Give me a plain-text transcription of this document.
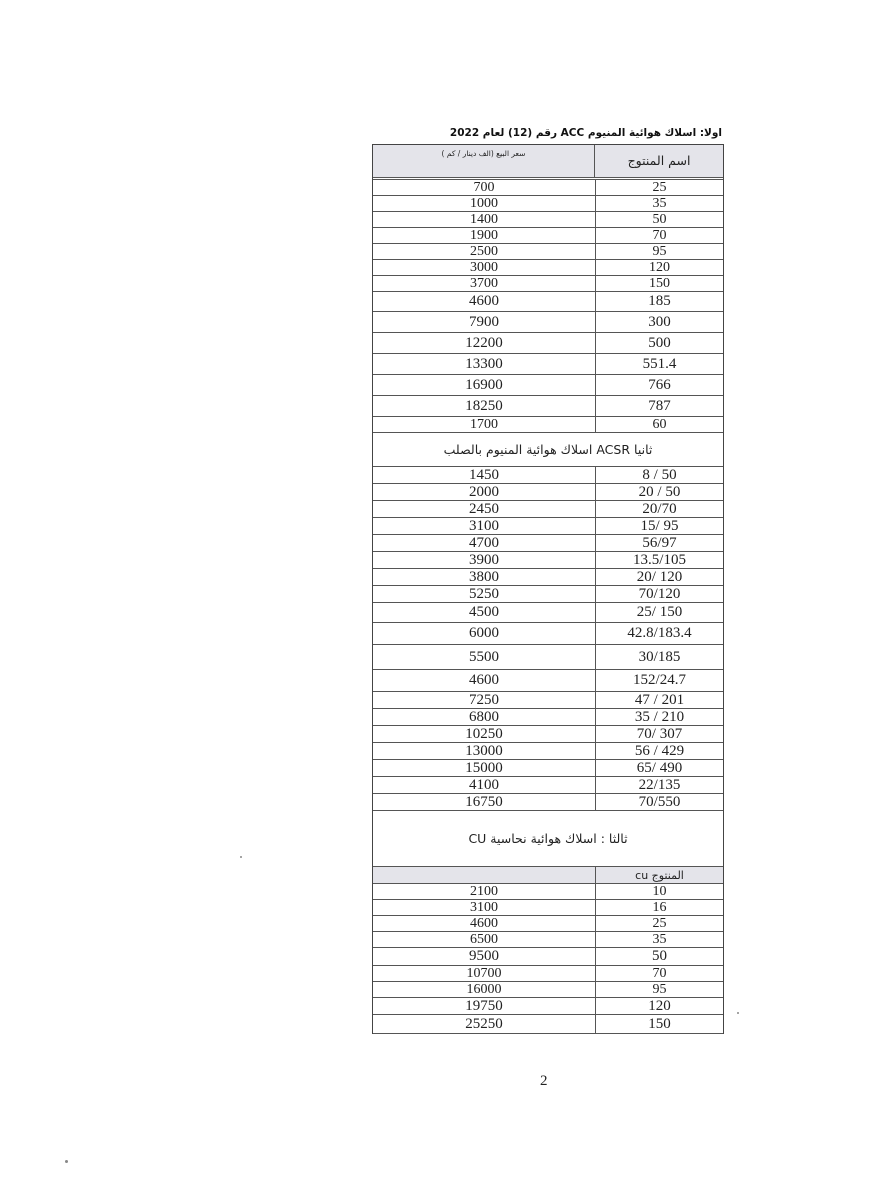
اولا: اسلاك هوائية المنيوم ACC رقم (12) لعام 2022
سعر البيع (الف دينار / كم )	اسم المنتوج
700	25
1000	35
1400	50
1900	70
2500	95
3000	120
3700	150
4600	185
7900	300
12200	500
13300	551.4
16900	766
18250	787
1700	60
ثانيا ACSR اسلاك هوائية المنيوم بالصلب
1450	8 / 50
2000	20 / 50
2450	20/70
3100	15/ 95
4700	56/97
3900	13.5/105
3800	20/ 120
5250	70/120
4500	25/ 150
6000	42.8/183.4
5500	30/185
4600	152/24.7
7250	47 / 201
6800	35 / 210
10250	70/ 307
13000	56 / 429
15000	65/ 490
4100	22/135
16750	70/550
ثالثا : اسلاك هوائية نحاسية CU
المنتوج cu
2100	10
3100	16
4600	25
6500	35
9500	50
10700	70
16000	95
19750	120
25250	150
2
